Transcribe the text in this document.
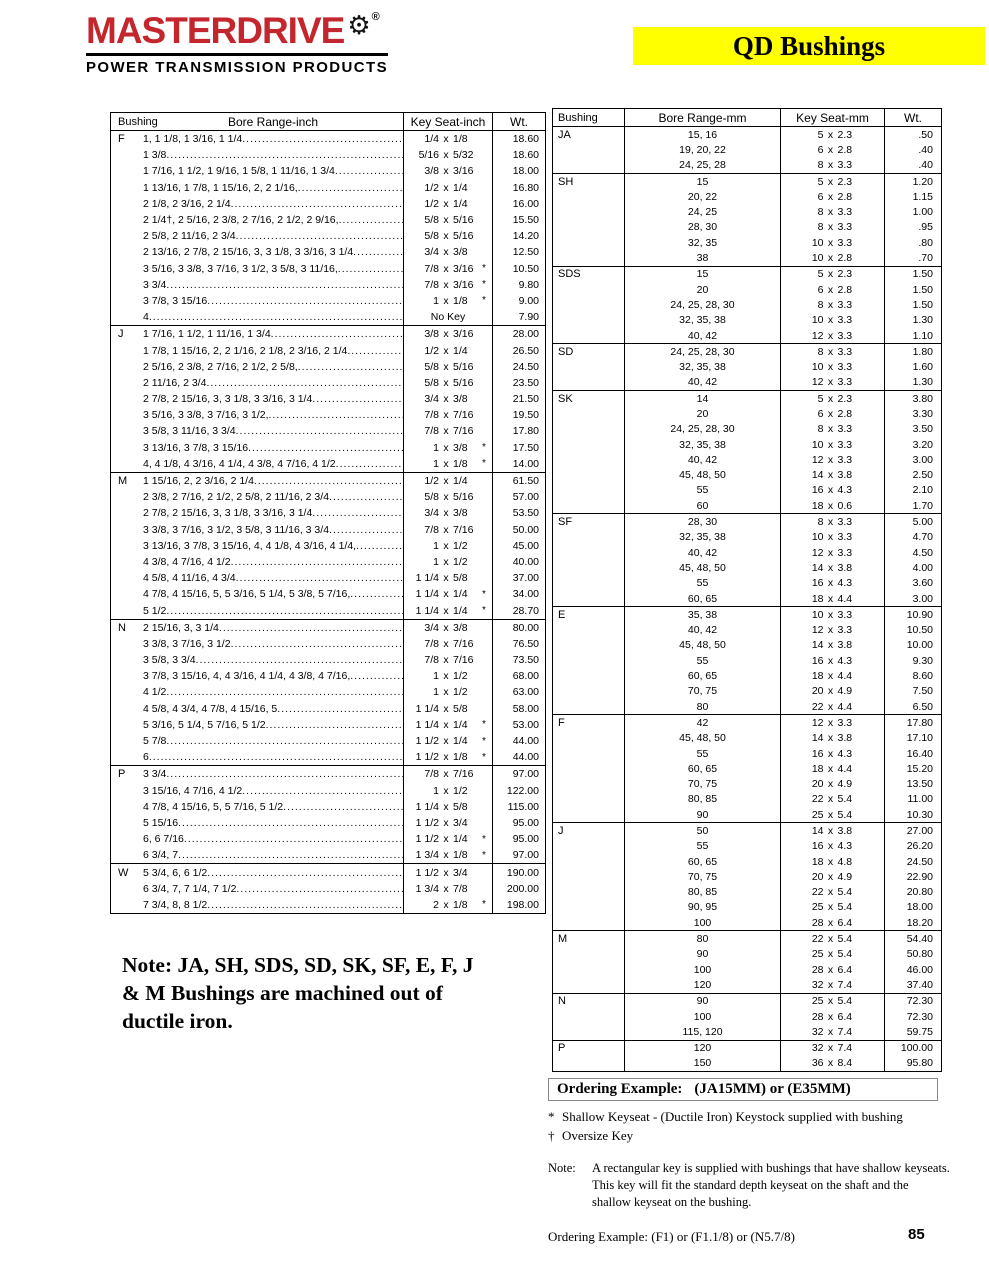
MASTERDRIVE ⚙ ®
POWER TRANSMISSION PRODUCTS
QD Bushings
Bushing	Bore Range-inch	Key Seat-inch	Wt.
F	1, 1 1/8, 1 3/16, 1 1/4 .....	1/4 x 1/8	18.60
1 3/8 .....	5/16 x 5/32	18.60
1 7/16, 1 1/2, 1 9/16, 1 5/8, 1 11/16, 1 3/4 .....	3/8 x 3/16	18.00
1 13/16, 1 7/8, 1 15/16, 2, 2 1/16, .....	1/2 x 1/4	16.80
2 1/8, 2 3/16, 2 1/4 .....	1/2 x 1/4	16.00
2 1/4†, 2 5/16, 2 3/8, 2 7/16, 2 1/2, 2 9/16, .....	5/8 x 5/16	15.50
2 5/8, 2 11/16, 2 3/4 .....	5/8 x 5/16	14.20
2 13/16, 2 7/8, 2 15/16, 3, 3 1/8, 3 3/16, 3 1/4 .....	3/4 x 3/8	12.50
3 5/16, 3 3/8, 3 7/16, 3 1/2, 3 5/8, 3 11/16, .....	7/8 x 3/16 *	10.50
3 3/4 .....	7/8 x 3/16 *	9.80
3 7/8, 3 15/16 .....	1 x 1/8	*	9.00
4 .....	No Key	7.90
J	1 7/16, 1 1/2, 1 11/16, 1 3/4 .....	3/8 x 3/16	28.00
1 7/8, 1 15/16, 2, 2 1/16, 2 1/8, 2 3/16, 2 1/4 .....	1/2 x 1/4	26.50
2 5/16, 2 3/8, 2 7/16, 2 1/2, 2 5/8, .....	5/8 x 5/16	24.50
2 11/16, 2 3/4 .....	5/8 x 5/16	23.50
2 7/8, 2 15/16, 3, 3 1/8, 3 3/16, 3 1/4 .....	3/4 x 3/8	21.50
3 5/16, 3 3/8, 3 7/16, 3 1/2, .....	7/8 x 7/16	19.50
3 5/8, 3 11/16, 3 3/4 .....	7/8 x 7/16	17.80
3 13/16, 3 7/8, 3 15/16 .....	1 x 3/8	*	17.50
4, 4 1/8, 4 3/16, 4 1/4, 4 3/8, 4 7/16, 4 1/2 .....	1 x 1/8	*	14.00
M	1 15/16, 2, 2 3/16, 2 1/4 .....	1/2 x 1/4	61.50
2 3/8, 2 7/16, 2 1/2, 2 5/8, 2 11/16, 2 3/4 .....	5/8 x 5/16	57.00
2 7/8, 2 15/16, 3, 3 1/8, 3 3/16, 3 1/4 .....	3/4 x 3/8	53.50
3 3/8, 3 7/16, 3 1/2, 3 5/8, 3 11/16, 3 3/4 .....	7/8 x 7/16	50.00
3 13/16, 3 7/8, 3 15/16, 4, 4 1/8, 4 3/16, 4 1/4, .....	1 x 1/2	45.00
4 3/8, 4 7/16, 4 1/2 .....	1 x 1/2	40.00
4 5/8, 4 11/16, 4 3/4 .....	1 1/4 x 5/8	37.00
4 7/8, 4 15/16, 5, 5 3/16, 5 1/4, 5 3/8, 5 7/16, .....	1 1/4 x 1/4	*	34.00
5 1/2 .....	1 1/4 x 1/4	*	28.70
N	2 15/16, 3, 3 1/4 .....	3/4 x 3/8	80.00
3 3/8, 3 7/16, 3 1/2 .....	7/8 x 7/16	76.50
3 5/8, 3 3/4 .....	7/8 x 7/16	73.50
3 7/8, 3 15/16, 4, 4 3/16, 4 1/4, 4 3/8, 4 7/16, .....	1 x 1/2	68.00
4 1/2 .....	1 x 1/2	63.00
4 5/8, 4 3/4, 4 7/8, 4 15/16, 5 .....	1 1/4 x 5/8	58.00
5 3/16, 5 1/4, 5 7/16, 5 1/2 .....	1 1/4 x 1/4	*	53.00
5 7/8 .....	1 1/2 x 1/4	*	44.00
6 .....	1 1/2 x 1/8	*	44.00
P	3 3/4 .....	7/8 x 7/16	97.00
3 15/16, 4 7/16, 4 1/2 .....	1 x 1/2	122.00
4 7/8, 4 15/16, 5, 5 7/16, 5 1/2 .....	1 1/4 x 5/8	115.00
5 15/16 .....	1 1/2 x 3/4	95.00
6, 6 7/16 .....	1 1/2 x 1/4	*	95.00
6 3/4, 7 .....	1 3/4 x 1/8	*	97.00
W	5 3/4, 6, 6 1/2 .....	1 1/2 x 3/4	190.00
6 3/4, 7, 7 1/4, 7 1/2 .....	1 3/4 x 7/8	200.00
7 3/4, 8, 8 1/2 .....	2 x 1/8	*	198.00
Bushing	Bore Range-mm	Key Seat-mm	Wt.
JA	15, 16	5 x 2.3	.50
19, 20, 22	6 x 2.8	.40
24, 25, 28	8 x 3.3	.40
SH	15	5 x 2.3	1.20
20, 22	6 x 2.8	1.15
24, 25	8 x 3.3	1.00
28, 30	8 x 3.3	.95
32, 35	10 x 3.3	.80
38	10 x 2.8	.70
SDS	15	5 x 2.3	1.50
20	6 x 2.8	1.50
24, 25, 28, 30	8 x 3.3	1.50
32, 35, 38	10 x 3.3	1.30
40, 42	12 x 3.3	1.10
SD	24, 25, 28, 30	8 x 3.3	1.80
32, 35, 38	10 x 3.3	1.60
40, 42	12 x 3.3	1.30
SK	14	5 x 2.3	3.80
20	6 x 2.8	3.30
24, 25, 28, 30	8 x 3.3	3.50
32, 35, 38	10 x 3.3	3.20
40, 42	12 x 3.3	3.00
45, 48, 50	14 x 3.8	2.50
55	16 x 4.3	2.10
60	18 x 0.6	1.70
SF	28, 30	8 x 3.3	5.00
32, 35, 38	10 x 3.3	4.70
40, 42	12 x 3.3	4.50
45, 48, 50	14 x 3.8	4.00
55	16 x 4.3	3.60
60, 65	18 x 4.4	3.00
E	35, 38	10 x 3.3	10.90
40, 42	12 x 3.3	10.50
45, 48, 50	14 x 3.8	10.00
55	16 x 4.3	9.30
60, 65	18 x 4.4	8.60
70, 75	20 x 4.9	7.50
80	22 x 4.4	6.50
F	42	12 x 3.3	17.80
45, 48, 50	14 x 3.8	17.10
55	16 x 4.3	16.40
60, 65	18 x 4.4	15.20
70, 75	20 x 4.9	13.50
80, 85	22 x 5.4	11.00
90	25 x 5.4	10.30
J	50	14 x 3.8	27.00
55	16 x 4.3	26.20
60, 65	18 x 4.8	24.50
70, 75	20 x 4.9	22.90
80, 85	22 x 5.4	20.80
90, 95	25 x 5.4	18.00
100	28 x 6.4	18.20
M	80	22 x 5.4	54.40
90	25 x 5.4	50.80
100	28 x 6.4	46.00
120	32 x 7.4	37.40
N	90	25 x 5.4	72.30
100	28 x 6.4	72.30
115, 120	32 x 7.4	59.75
P	120	32 x 7.4	100.00
150	36 x 8.4	95.80
Ordering Example: (JA15MM) or (E35MM)
* Shallow Keyseat - (Ductile Iron) Keystock supplied with bushing
† Oversize Key
Note:	A rectangular key is supplied with bushings that have shallow keyseats. This key will fit the standard depth keyseat on the shaft and the shallow keyseat on the bushing.
Ordering Example: (F1) or (F1.1/8) or (N5.7/8)
Note: JA, SH, SDS, SD, SK, SF, E, F, J & M Bushings are machined out of ductile iron.
85
